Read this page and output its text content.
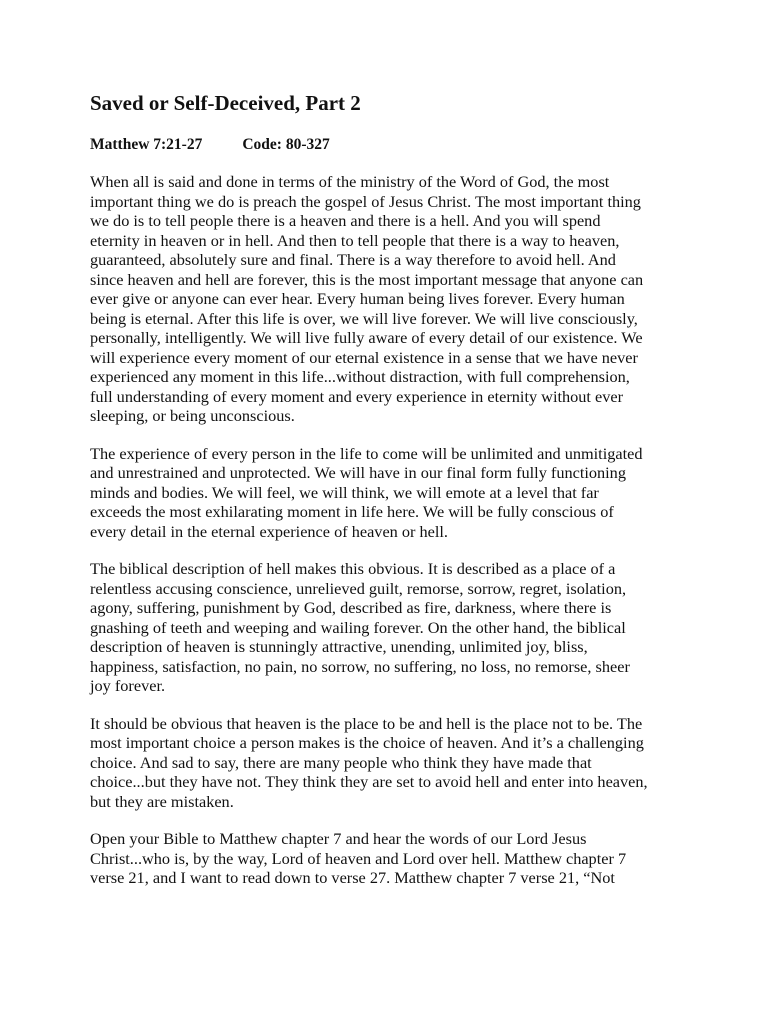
Saved or Self-Deceived, Part 2
Matthew 7:21-27	Code: 80-327

When all is said and done in terms of the ministry of the Word of God, the most
important thing we do is preach the gospel of Jesus Christ. The most important thing
we do is to tell people there is a heaven and there is a hell. And you will spend
eternity in heaven or in hell. And then to tell people that there is a way to heaven,
guaranteed, absolutely sure and final. There is a way therefore to avoid hell. And
since heaven and hell are forever, this is the most important message that anyone can
ever give or anyone can ever hear. Every human being lives forever. Every human
being is eternal. After this life is over, we will live forever. We will live consciously,
personally, intelligently. We will live fully aware of every detail of our existence. We
will experience every moment of our eternal existence in a sense that we have never
experienced any moment in this life...without distraction, with full comprehension,
full understanding of every moment and every experience in eternity without ever
sleeping, or being unconscious.

The experience of every person in the life to come will be unlimited and unmitigated
and unrestrained and unprotected. We will have in our final form fully functioning
minds and bodies. We will feel, we will think, we will emote at a level that far
exceeds the most exhilarating moment in life here. We will be fully conscious of
every detail in the eternal experience of heaven or hell.

The biblical description of hell makes this obvious. It is described as a place of a
relentless accusing conscience, unrelieved guilt, remorse, sorrow, regret, isolation,
agony, suffering, punishment by God, described as fire, darkness, where there is
gnashing of teeth and weeping and wailing forever. On the other hand, the biblical
description of heaven is stunningly attractive, unending, unlimited joy, bliss,
happiness, satisfaction, no pain, no sorrow, no suffering, no loss, no remorse, sheer
joy forever.

It should be obvious that heaven is the place to be and hell is the place not to be. The
most important choice a person makes is the choice of heaven. And it’s a challenging
choice. And sad to say, there are many people who think they have made that
choice...but they have not. They think they are set to avoid hell and enter into heaven,
but they are mistaken.

Open your Bible to Matthew chapter 7 and hear the words of our Lord Jesus
Christ...who is, by the way, Lord of heaven and Lord over hell. Matthew chapter 7
verse 21, and I want to read down to verse 27. Matthew chapter 7 verse 21, “Not
